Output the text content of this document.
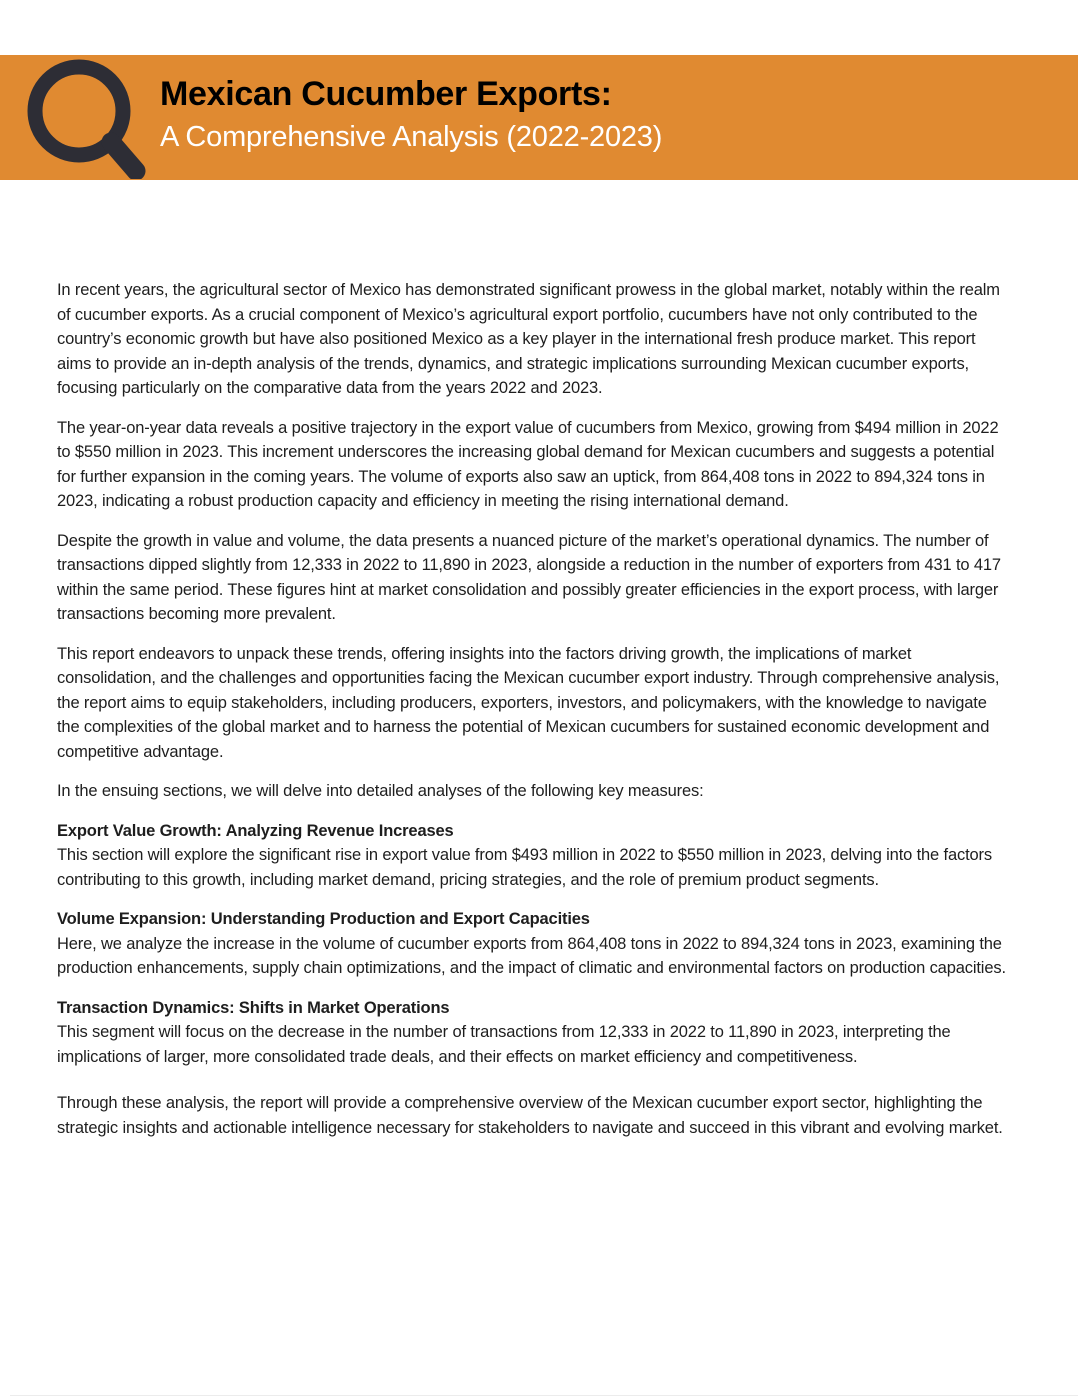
Mexican Cucumber Exports:
A Comprehensive Analysis (2022-2023)

In recent years, the agricultural sector of Mexico has demonstrated significant prowess in the global market, notably within the realm of cucumber exports. As a crucial component of Mexico’s agricultural export portfolio, cucumbers have not only contributed to the country’s economic growth but have also positioned Mexico as a key player in the international fresh produce market. This report aims to provide an in-depth analysis of the trends, dynamics, and strategic implications surrounding Mexican cucumber exports, focusing particularly on the comparative data from the years 2022 and 2023.

The year-on-year data reveals a positive trajectory in the export value of cucumbers from Mexico, growing from $494 million in 2022 to $550 million in 2023. This increment underscores the increasing global demand for Mexican cucumbers and suggests a potential for further expansion in the coming years. The volume of exports also saw an uptick, from 864,408 tons in 2022 to 894,324 tons in 2023, indicating a robust production capacity and efficiency in meeting the rising international demand.

Despite the growth in value and volume, the data presents a nuanced picture of the market’s operational dynamics. The number of transactions dipped slightly from 12,333 in 2022 to 11,890 in 2023, alongside a reduction in the number of exporters from 431 to 417 within the same period. These figures hint at market consolidation and possibly greater efficiencies in the export process, with larger transactions becoming more prevalent.

This report endeavors to unpack these trends, offering insights into the factors driving growth, the implications of market consolidation, and the challenges and opportunities facing the Mexican cucumber export industry. Through comprehensive analysis, the report aims to equip stakeholders, including producers, exporters, investors, and policymakers, with the knowledge to navigate the complexities of the global market and to harness the potential of Mexican cucumbers for sustained economic development and competitive advantage.

In the ensuing sections, we will delve into detailed analyses of the following key measures:

Export Value Growth: Analyzing Revenue Increases

This section will explore the significant rise in export value from $493 million in 2022 to $550 million in 2023, delving into the factors contributing to this growth, including market demand, pricing strategies, and the role of premium product segments.

Volume Expansion: Understanding Production and Export Capacities

Here, we analyze the increase in the volume of cucumber exports from 864,408 tons in 2022 to 894,324 tons in 2023, examining the production enhancements, supply chain optimizations, and the impact of climatic and environmental factors on production capacities.

Transaction Dynamics: Shifts in Market Operations

This segment will focus on the decrease in the number of transactions from 12,333 in 2022 to 11,890 in 2023, interpreting the implications of larger, more consolidated trade deals, and their effects on market efficiency and competitiveness.

Through these analysis, the report will provide a comprehensive overview of the Mexican cucumber export sector, highlighting the strategic insights and actionable intelligence necessary for stakeholders to navigate and succeed in this vibrant and evolving market.
